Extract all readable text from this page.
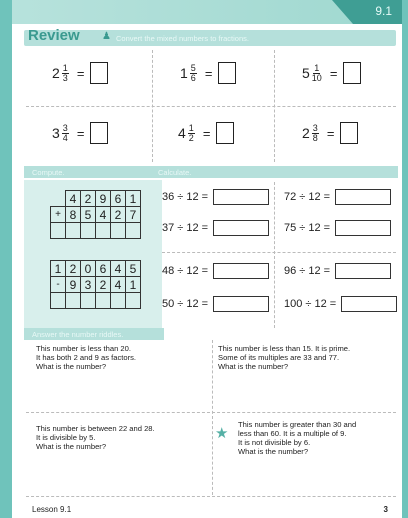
9.1
Review ♟ Convert the mixed numbers to fractions.
$2 \frac{1}{3}$ =	$1 \frac{5}{6}$ =	$5 \frac{1}{10}$ =
$3 \frac{3}{4}$ =	$4 \frac{1}{2}$ =	$2 \frac{3}{8}$ =
Compute.	Calculate.
	4	2	9	6	1
+	8	5	4	2	7

1	2	0	6	4	5
-	9	3	2	4	1

36 ÷ 12 =	72 ÷ 12 =
37 ÷ 12 =	75 ÷ 12 =
48 ÷ 12 =	96 ÷ 12 =
50 ÷ 12 =	100 ÷ 12 =
Answer the number riddles.
This number is less than 20.
It has both 2 and 9 as factors.
What is the number?
This number is less than 15. It is prime.
Some of its multiples are 33 and 77.
What is the number?
This number is between 22 and 28.
It is divisible by 5.
What is the number?
★
This number is greater than 30 and
less than 60. It is a multiple of 9.
It is not divisible by 6.
What is the number?
Lesson 9.1	3
